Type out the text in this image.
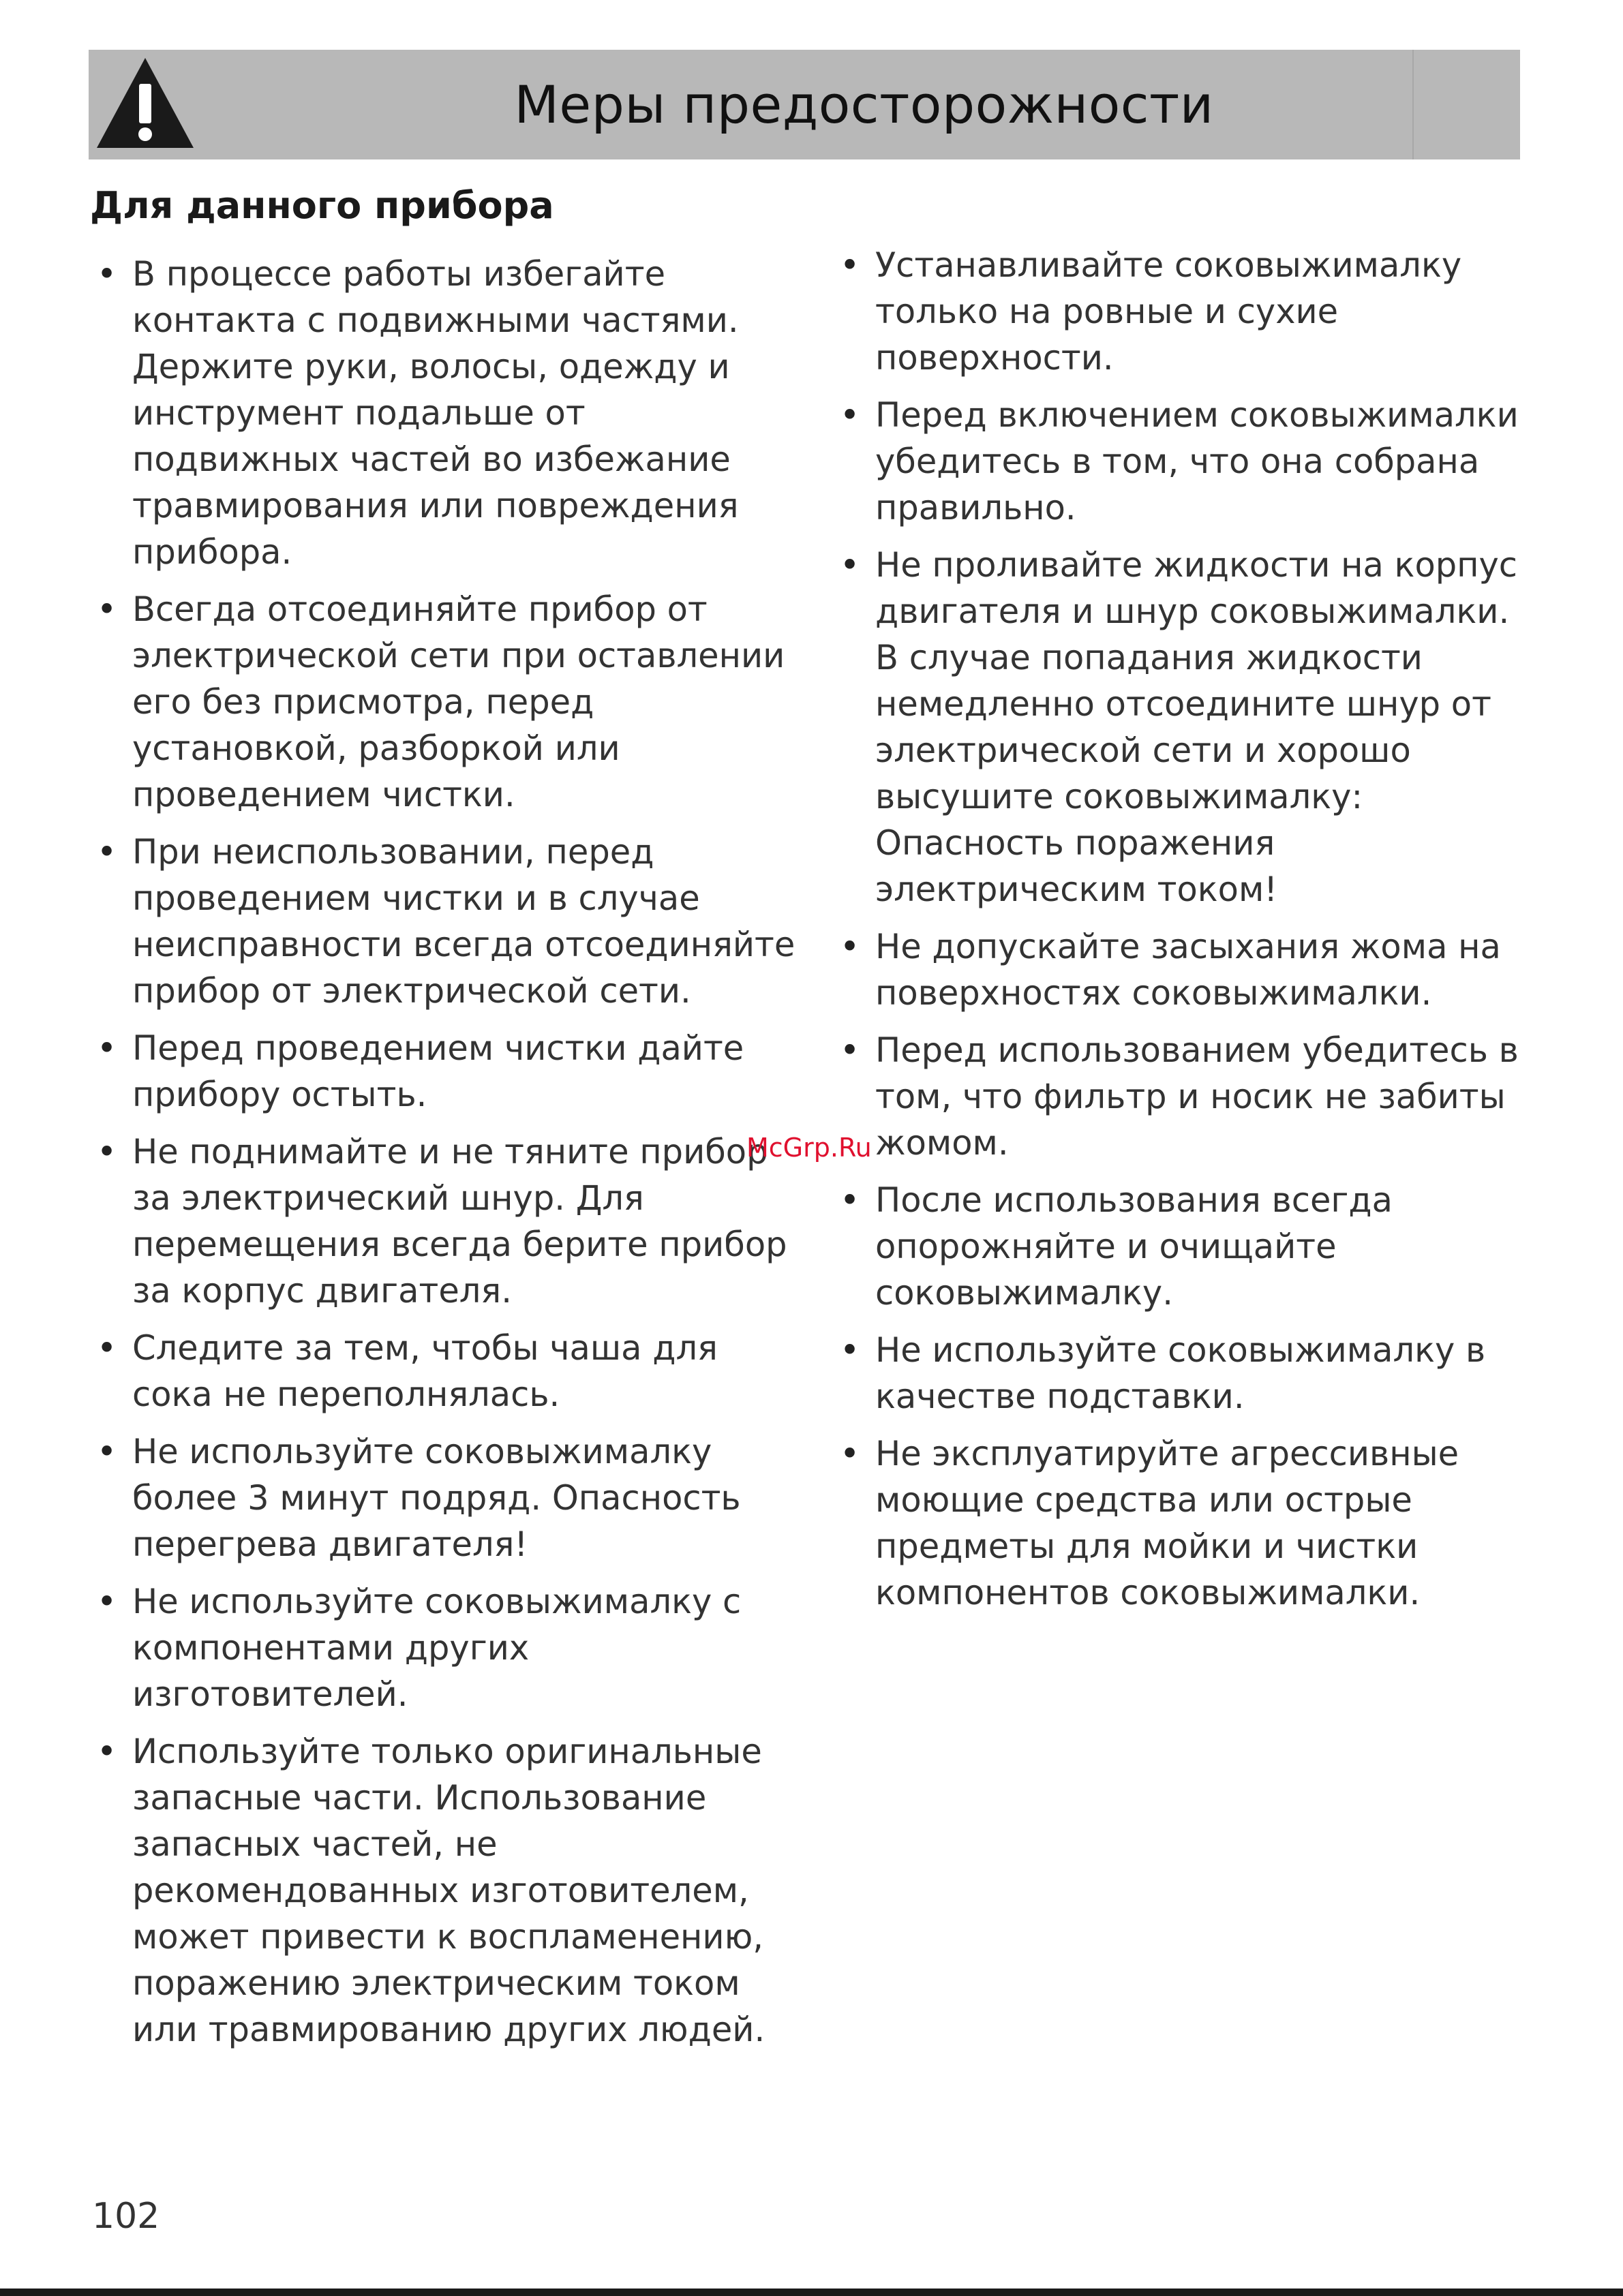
Меры предосторожности
Для данного прибора
• В процессе работы избегайте контакта с подвижными частями. Держите руки, волосы, одежду и инструмент подальше от подвижных частей во избежание травмирования или повреждения прибора.
• Всегда отсоединяйте прибор от электрической сети при оставлении его без присмотра, перед установкой, разборкой или проведением чистки.
• При неиспользовании, перед проведением чистки и в случае неисправности всегда отсоединяйте прибор от электрической сети.
• Перед проведением чистки дайте прибору остыть.
• Не поднимайте и не тяните прибор за электрический шнур. Для перемещения всегда берите прибор за корпус двигателя.
• Следите за тем, чтобы чаша для сока не переполнялась.
• Не используйте соковыжималку более 3 минут подряд. Опасность перегрева двигателя!
• Не используйте соковыжималку с компонентами других изготовителей.
• Используйте только оригинальные запасные части. Использование запасных частей, не рекомендованных изготовителем, может привести к воспламенению, поражению электрическим током или травмированию других людей.
• Устанавливайте соковыжималку только на ровные и сухие поверхности.
• Перед включением соковыжималки убедитесь в том, что она собрана правильно.
• Не проливайте жидкости на корпус двигателя и шнур соковыжималки. В случае попадания жидкости немедленно отсоедините шнур от электрической сети и хорошо высушите соковыжималку: Опасность поражения электрическим током!
• Не допускайте засыхания жома на поверхностях соковыжималки.
• Перед использованием убедитесь в том, что фильтр и носик не забиты жомом.
• После использования всегда опорожняйте и очищайте соковыжималку.
• Не используйте соковыжималку в качестве подставки.
• Не эксплуатируйте агрессивные моющие средства или острые предметы для мойки и чистки компонентов соковыжималки.
McGrp.Ru
102
